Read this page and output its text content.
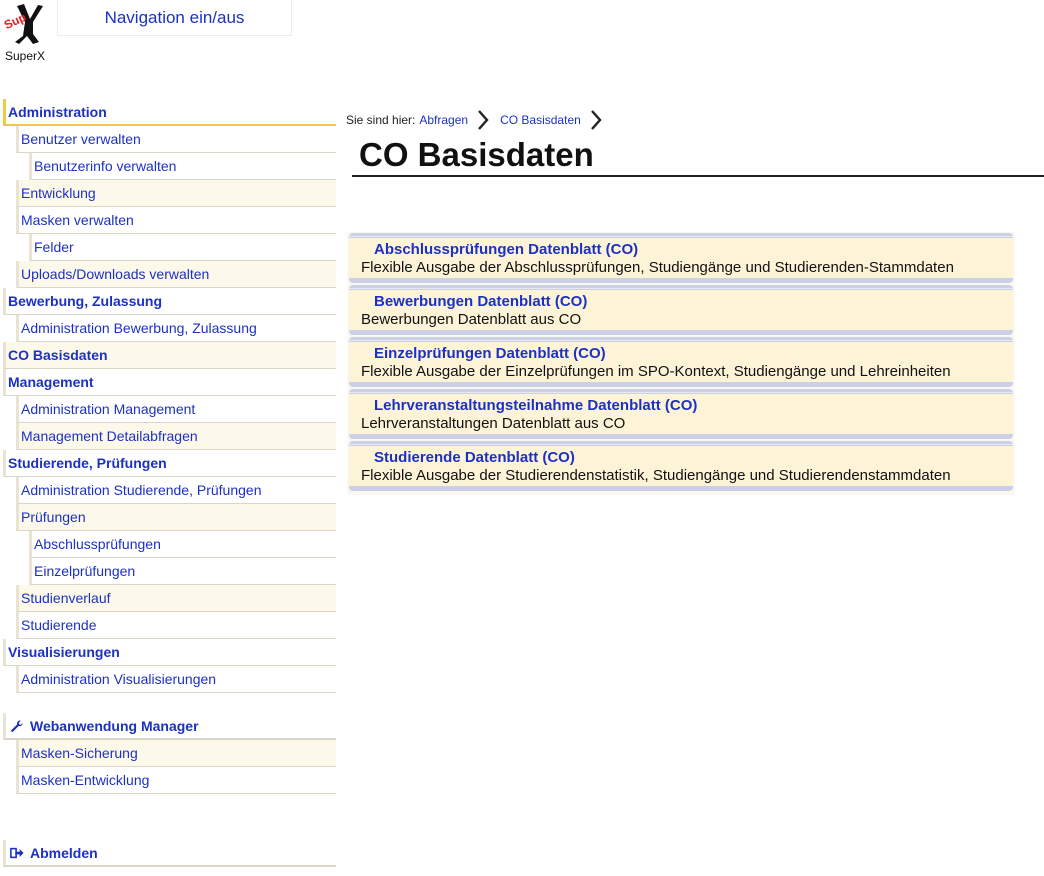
Sup
SuperX
Navigation ein/aus
Administration
Benutzer verwalten
Benutzerinfo verwalten
Entwicklung
Masken verwalten
Felder
Uploads/Downloads verwalten
Bewerbung, Zulassung
Administration Bewerbung, Zulassung
CO Basisdaten
Management
Administration Management
Management Detailabfragen
Studierende, Prüfungen
Administration Studierende, Prüfungen
Prüfungen
Abschlussprüfungen
Einzelprüfungen
Studienverlauf
Studierende
Visualisierungen
Administration Visualisierungen
Webanwendung Manager
Masken-Sicherung
Masken-Entwicklung
Abmelden
Sie sind hier: Abfragen	CO Basisdaten
CO Basisdaten
Abschlussprüfungen Datenblatt (CO)
Flexible Ausgabe der Abschlussprüfungen, Studiengänge und Studierenden-Stammdaten
Bewerbungen Datenblatt (CO)
Bewerbungen Datenblatt aus CO
Einzelprüfungen Datenblatt (CO)
Flexible Ausgabe der Einzelprüfungen im SPO-Kontext, Studiengänge und Lehreinheiten
Lehrveranstaltungsteilnahme Datenblatt (CO)
Lehrveranstaltungen Datenblatt aus CO
Studierende Datenblatt (CO)
Flexible Ausgabe der Studierendenstatistik, Studiengänge und Studierendenstammdaten
